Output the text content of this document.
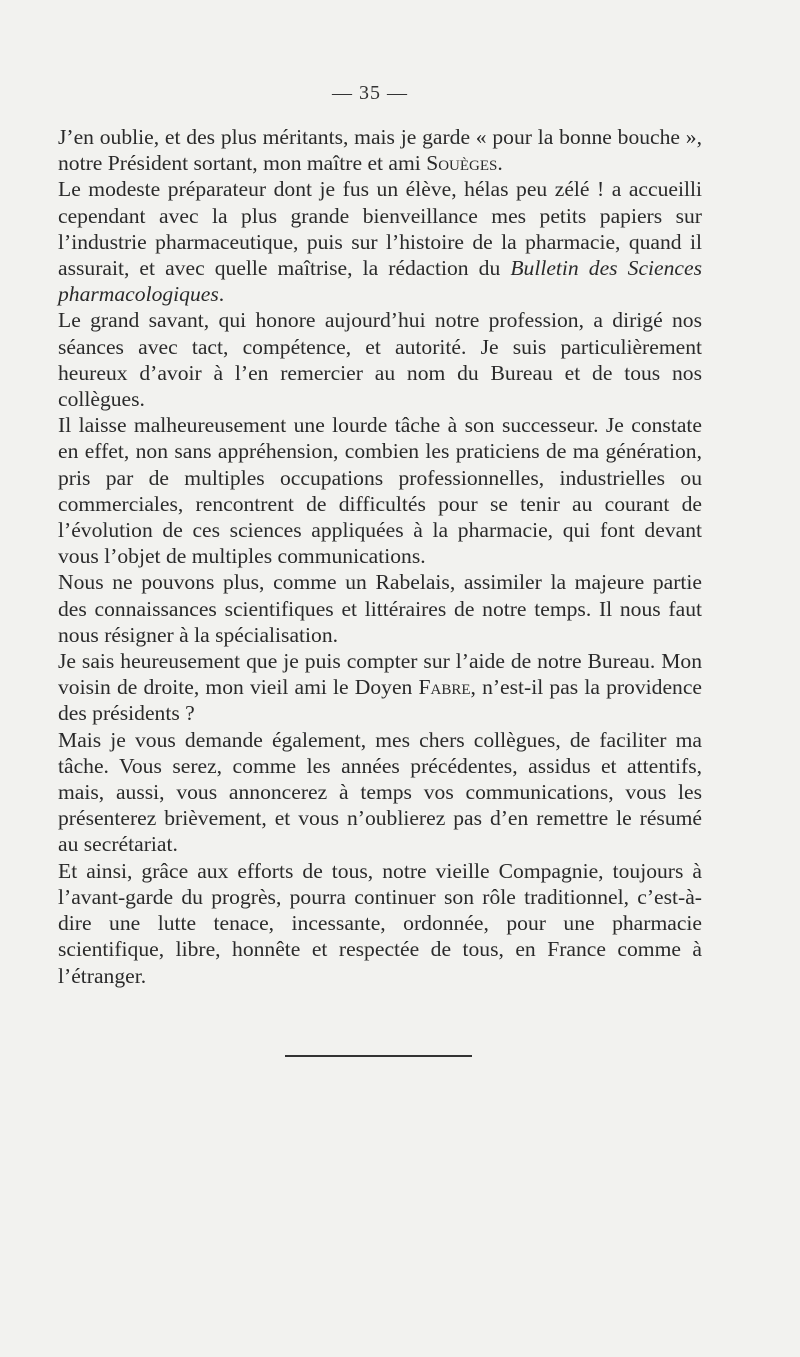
— 35 —

J’en oublie, et des plus méritants, mais je garde « pour la bonne bouche », notre Président sortant, mon maître et ami Souèges.

Le modeste préparateur dont je fus un élève, hélas peu zélé ! a accueilli cependant avec la plus grande bienveillance mes petits papiers sur l’industrie pharmaceutique, puis sur l’histoire de la pharmacie, quand il assurait, et avec quelle maîtrise, la rédaction du Bulletin des Sciences pharmacologiques.

Le grand savant, qui honore aujourd’hui notre profession, a dirigé nos séances avec tact, compétence, et autorité. Je suis particulièrement heureux d’avoir à l’en remercier au nom du Bureau et de tous nos collègues.

Il laisse malheureusement une lourde tâche à son successeur. Je constate en effet, non sans appréhension, combien les praticiens de ma génération, pris par de multiples occupations professionnelles, industrielles ou commerciales, rencontrent de difficultés pour se tenir au courant de l’évolution de ces sciences appliquées à la pharmacie, qui font devant vous l’objet de multiples communications.

Nous ne pouvons plus, comme un Rabelais, assimiler la majeure partie des connaissances scientifiques et littéraires de notre temps. Il nous faut nous résigner à la spécialisation.

Je sais heureusement que je puis compter sur l’aide de notre Bureau. Mon voisin de droite, mon vieil ami le Doyen Fabre, n’est-il pas la providence des présidents ?

Mais je vous demande également, mes chers collègues, de faciliter ma tâche. Vous serez, comme les années précédentes, assidus et attentifs, mais, aussi, vous annoncerez à temps vos communications, vous les présenterez brièvement, et vous n’oublierez pas d’en remettre le résumé au secrétariat.

Et ainsi, grâce aux efforts de tous, notre vieille Compagnie, toujours à l’avant-garde du progrès, pourra continuer son rôle traditionnel, c’est-à-dire une lutte tenace, incessante, ordonnée, pour une pharmacie scientifique, libre, honnête et respectée de tous, en France comme à l’étranger.
